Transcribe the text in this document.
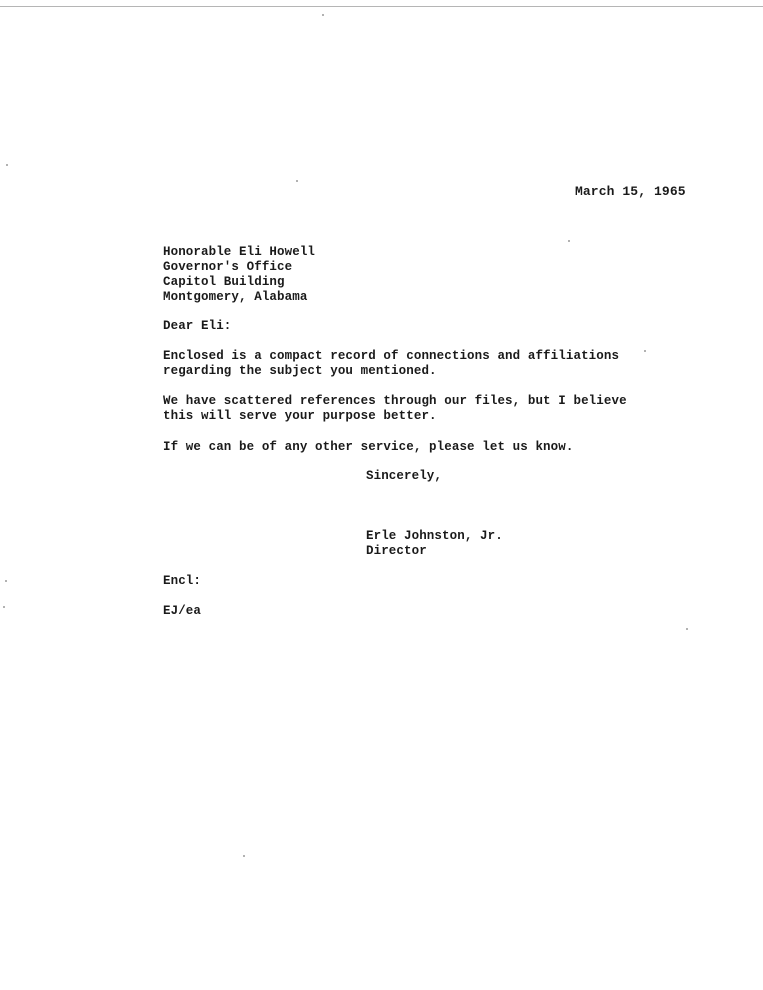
March 15, 1965
Honorable Eli Howell
Governor's Office
Capitol Building
Montgomery, Alabama
Dear Eli:
Enclosed is a compact record of connections and affiliations
regarding the subject you mentioned.
We have scattered references through our files, but I believe
this will serve your purpose better.
If we can be of any other service, please let us know.
Sincerely,
Erle Johnston, Jr.
Director
Encl:
EJ/ea
